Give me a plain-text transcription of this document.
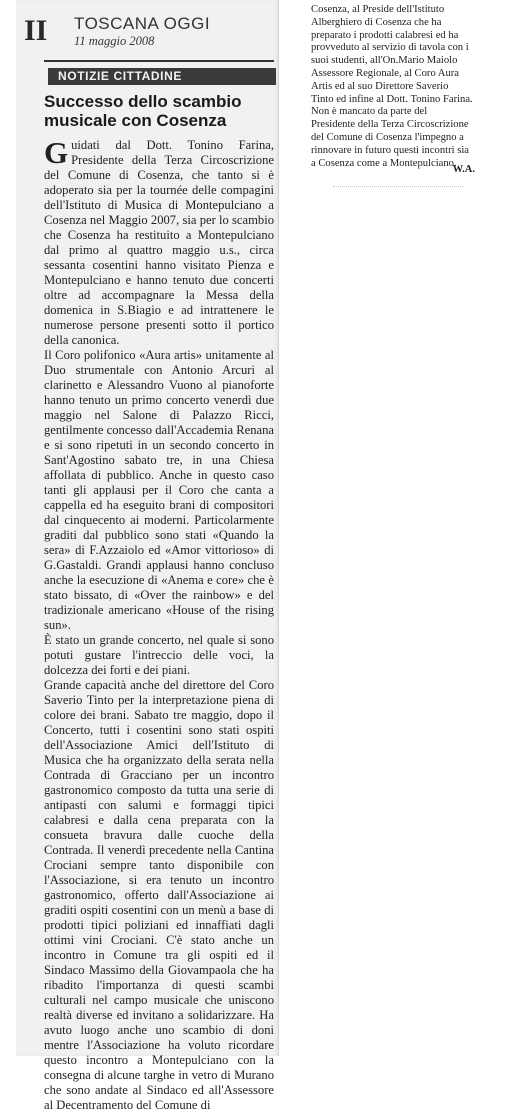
II TOSCANA OGGI
11 maggio 2008
NOTIZIE CITTADINE
Successo dello scambio musicale con Cosenza

Guidati dal Dott. Tonino Farina, Presidente della Terza Circoscrizione del Comune di Cosenza, che tanto si è adoperato sia per la tournée delle compagini dell'Istituto di Musica di Montepulciano a Cosenza nel Maggio 2007, sia per lo scambio che Cosenza ha restituito a Montepulciano dal primo al quattro maggio u.s., circa sessanta cosentini hanno visitato Pienza e Montepulciano e hanno tenuto due concerti oltre ad accompagnare la Messa della domenica in S.Biagio e ad intrattenere le numerose persone presenti sotto il portico della canonica.

Il Coro polifonico «Aura artis» unitamente al Duo strumentale con Antonio Arcuri al clarinetto e Alessandro Vuono al pianoforte hanno tenuto un primo concerto venerdì due maggio nel Salone di Palazzo Ricci, gentilmente concesso dall'Accademia Renana e si sono ripetuti in un secondo concerto in Sant'Agostino sabato tre, in una Chiesa affollata di pubblico. Anche in questo caso tanti gli applausi per il Coro che canta a cappella ed ha eseguito brani di compositori dal cinquecento ai moderni. Particolarmente graditi dal pubblico sono stati «Quando la sera» di F.Azzaiolo ed «Amor vittorioso» di G.Gastaldi. Grandi applausi hanno concluso anche la esecuzione di «Anema e core» che è stato bissato, di «Over the rainbow» e del tradizionale americano «House of the rising sun».

È stato un grande concerto, nel quale si sono potuti gustare l'intreccio delle voci, la dolcezza dei forti e dei piani.

Grande capacità anche del direttore del Coro Saverio Tinto per la interpretazione piena di colore dei brani. Sabato tre maggio, dopo il Concerto, tutti i cosentini sono stati ospiti dell'Associazione Amici dell'Istituto di Musica che ha organizzato della serata nella Contrada di Gracciano per un incontro gastronomico composto da tutta una serie di antipasti con salumi e formaggi tipici calabresi e dalla cena preparata con la consueta bravura dalle cuoche della Contrada. Il venerdì precedente nella Cantina Crociani sempre tanto disponibile con l'Associazione, si era tenuto un incontro gastronomico, offerto dall'Associazione ai graditi ospiti cosentini con un menù a base di prodotti tipici poliziani ed innaffiati dagli ottimi vini Crociani. C'è stato anche un incontro in Comune tra gli ospiti ed il Sindaco Massimo della Giovampaola che ha ribadito l'importanza di questi scambi culturali nel campo musicale che uniscono realtà diverse ed invitano a solidarizzare. Ha avuto luogo anche uno scambio di doni mentre l'Associazione ha voluto ricordare questo incontro a Montepulciano con la consegna di alcune targhe in vetro di Murano che sono andate al Sindaco ed all'Assessore al Decentramento del Comune di

Cosenza, al Preside dell'Istituto Alberghiero di Cosenza che ha preparato i prodotti calabresi ed ha provveduto al servizio di tavola con i suoi studenti, all'On.Mario Maiolo Assessore Regionale, al Coro Aura Artis ed al suo Direttore Saverio Tinto ed infine al Dott. Tonino Farina. Non è mancato da parte del Presidente della Terza Circoscrizione del Comune di Cosenza l'impegno a rinnovare in futuro questi incontri sia a Cosenza come a Montepulciano.
W.A.
